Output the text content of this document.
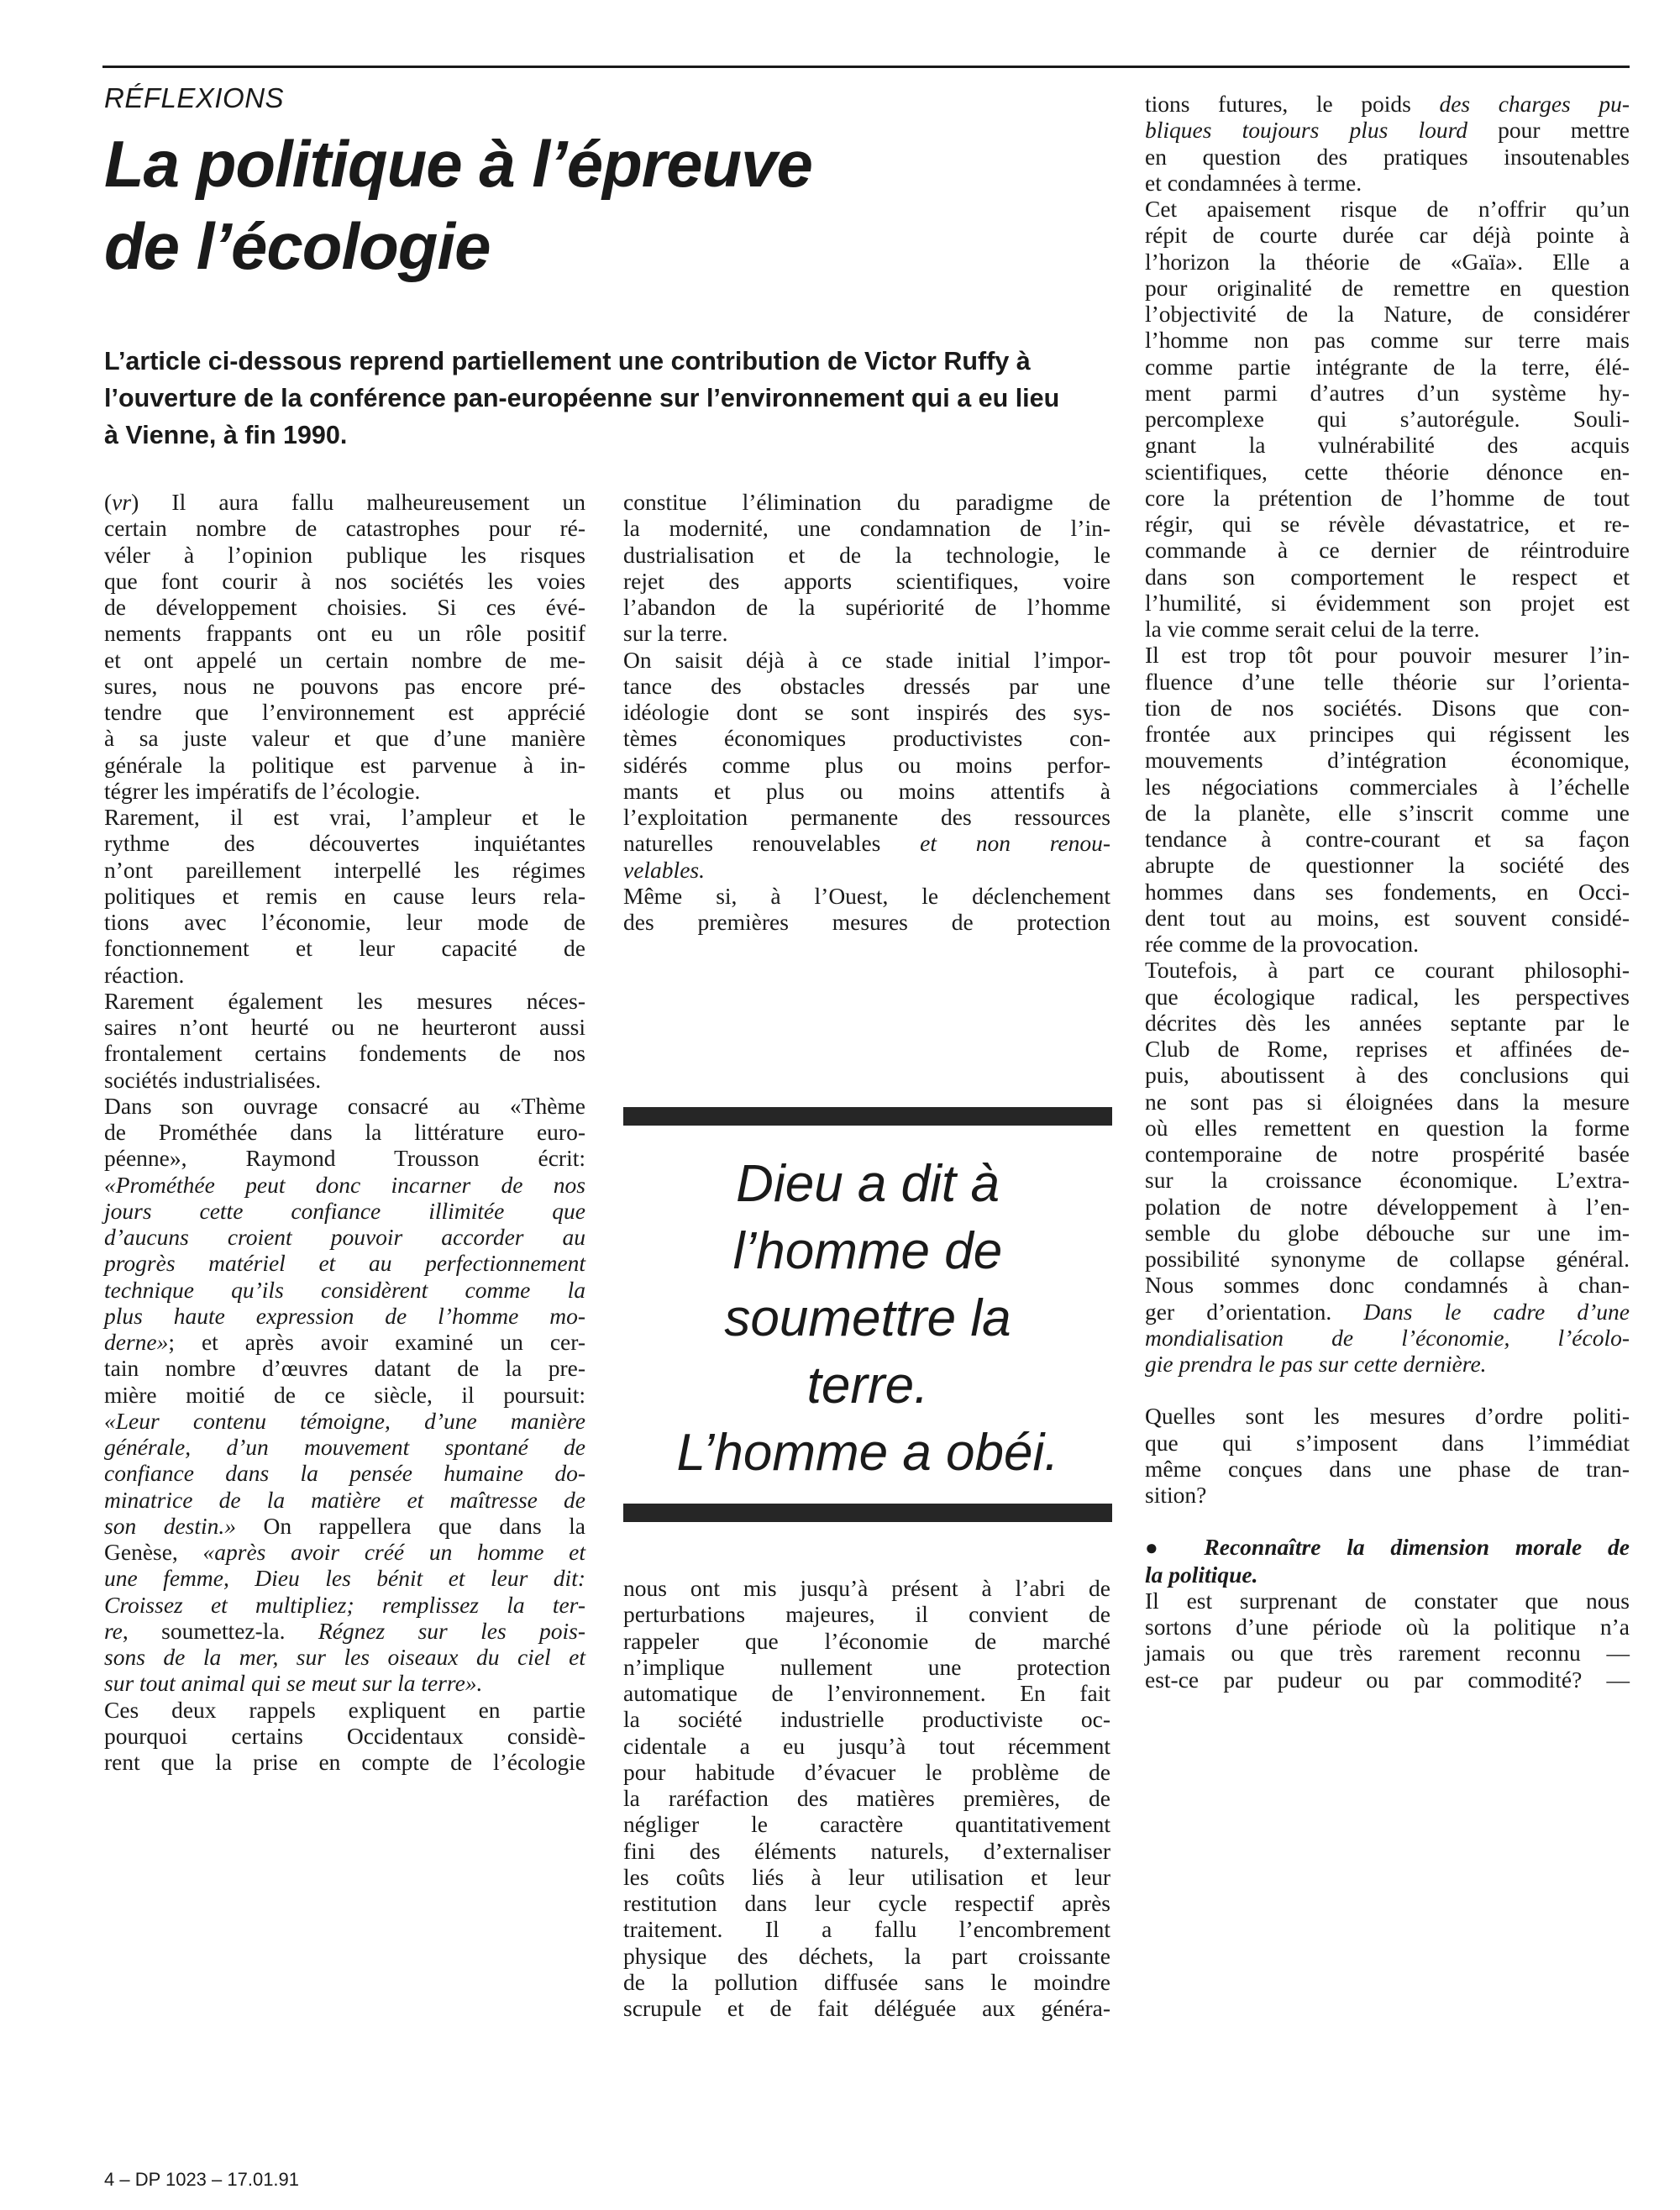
RÉFLEXIONS
La politique à l’épreuve
de l’écologie
L’article ci-dessous reprend partiellement une contribution de Victor Ruffy à
l’ouverture de la conférence pan-européenne sur l’environnement qui a eu lieu
à Vienne, à fin 1990.

(vr) Il aura fallu malheureusement un
certain nombre de catastrophes pour ré-
véler à l’opinion publique les risques
que font courir à nos sociétés les voies
de développement choisies. Si ces évé-
nements frappants ont eu un rôle positif
et ont appelé un certain nombre de me-
sures, nous ne pouvons pas encore pré-
tendre que l’environnement est apprécié
à sa juste valeur et que d’une manière
générale la politique est parvenue à in-
tégrer les impératifs de l’écologie.

Rarement, il est vrai, l’ampleur et le
rythme des découvertes inquiétantes
n’ont pareillement interpellé les régimes
politiques et remis en cause leurs rela-
tions avec l’économie, leur mode de
fonctionnement et leur capacité de
réaction.

Rarement également les mesures néces-
saires n’ont heurté ou ne heurteront aussi
frontalement certains fondements de nos
sociétés industrialisées.

Dans son ouvrage consacré au «Thème
de Prométhée dans la littérature euro-
péenne», Raymond Trousson écrit:
«Prométhée peut donc incarner de nos
jours cette confiance illimitée que
d’aucuns croient pouvoir accorder au
progrès matériel et au perfectionnement
technique qu’ils considèrent comme la
plus haute expression de l’homme mo-
derne»; et après avoir examiné un cer-
tain nombre d’œuvres datant de la pre-
mière moitié de ce siècle, il poursuit:
«Leur contenu témoigne, d’une manière
générale, d’un mouvement spontané de
confiance dans la pensée humaine do-
minatrice de la matière et maîtresse de
son destin.» On rappellera que dans la
Genèse, «après avoir créé un homme et
une femme, Dieu les bénit et leur dit:
Croissez et multipliez; remplissez la ter-
re, soumettez-la. Régnez sur les pois-
sons de la mer, sur les oiseaux du ciel et
sur tout animal qui se meut sur la terre».

Ces deux rappels expliquent en partie
pourquoi certains Occidentaux considè-
rent que la prise en compte de l’écologie

constitue l’élimination du paradigme de
la modernité, une condamnation de l’in-
dustrialisation et de la technologie, le
rejet des apports scientifiques, voire
l’abandon de la supériorité de l’homme
sur la terre.

On saisit déjà à ce stade initial l’impor-
tance des obstacles dressés par une
idéologie dont se sont inspirés des sys-
tèmes économiques productivistes con-
sidérés comme plus ou moins perfor-
mants et plus ou moins attentifs à
l’exploitation permanente des ressources
naturelles renouvelables et non renou-
velables.

Même si, à l’Ouest, le déclenchement
des premières mesures de protection

Dieu a dit à
l’homme de
soumettre la
terre.
L’homme a obéi.

nous ont mis jusqu’à présent à l’abri de
perturbations majeures, il convient de
rappeler que l’économie de marché
n’implique nullement une protection
automatique de l’environnement. En fait
la société industrielle productiviste oc-
cidentale a eu jusqu’à tout récemment
pour habitude d’évacuer le problème de
la raréfaction des matières premières, de
négliger le caractère quantitativement
fini des éléments naturels, d’externaliser
les coûts liés à leur utilisation et leur
restitution dans leur cycle respectif après
traitement. Il a fallu l’encombrement
physique des déchets, la part croissante
de la pollution diffusée sans le moindre
scrupule et de fait déléguée aux généra-

tions futures, le poids des charges pu-
bliques toujours plus lourd pour mettre
en question des pratiques insoutenables
et condamnées à terme.

Cet apaisement risque de n’offrir qu’un
répit de courte durée car déjà pointe à
l’horizon la théorie de «Gaïa». Elle a
pour originalité de remettre en question
l’objectivité de la Nature, de considérer
l’homme non pas comme sur terre mais
comme partie intégrante de la terre, élé-
ment parmi d’autres d’un système hy-
percomplexe qui s’autorégule. Souli-
gnant la vulnérabilité des acquis
scientifiques, cette théorie dénonce en-
core la prétention de l’homme de tout
régir, qui se révèle dévastatrice, et re-
commande à ce dernier de réintroduire
dans son comportement le respect et
l’humilité, si évidemment son projet est
la vie comme serait celui de la terre.

Il est trop tôt pour pouvoir mesurer l’in-
fluence d’une telle théorie sur l’orienta-
tion de nos sociétés. Disons que con-
frontée aux principes qui régissent les
mouvements d’intégration économique,
les négociations commerciales à l’échelle
de la planète, elle s’inscrit comme une
tendance à contre-courant et sa façon
abrupte de questionner la société des
hommes dans ses fondements, en Occi-
dent tout au moins, est souvent considé-
rée comme de la provocation.

Toutefois, à part ce courant philosophi-
que écologique radical, les perspectives
décrites dès les années septante par le
Club de Rome, reprises et affinées de-
puis, aboutissent à des conclusions qui
ne sont pas si éloignées dans la mesure
où elles remettent en question la forme
contemporaine de notre prospérité basée
sur la croissance économique. L’extra-
polation de notre développement à l’en-
semble du globe débouche sur une im-
possibilité synonyme de collapse général.
Nous sommes donc condamnés à chan-
ger d’orientation. Dans le cadre d’une
mondialisation de l’économie, l’écolo-
gie prendra le pas sur cette dernière.

Quelles sont les mesures d’ordre politi-
que qui s’imposent dans l’immédiat
même conçues dans une phase de tran-
sition?

● Reconnaître la dimension morale de
la politique.

Il est surprenant de constater que nous
sortons d’une période où la politique n’a
jamais ou que très rarement reconnu —
est-ce par pudeur ou par commodité? —

4 – DP 1023 – 17.01.91
